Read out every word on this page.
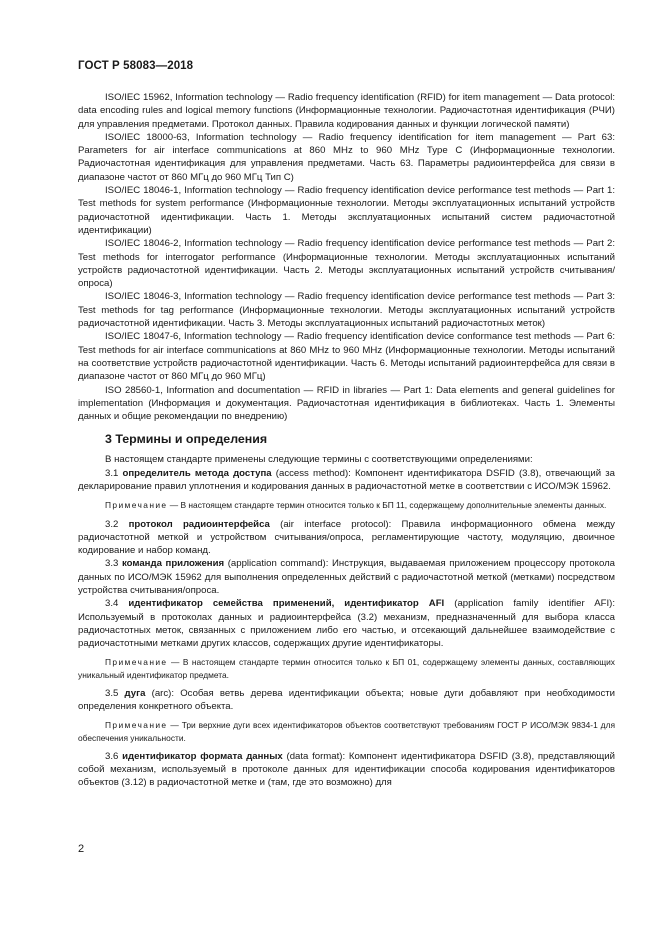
ГОСТ Р 58083—2018

ISO/IEC 15962, Information technology — Radio frequency identification (RFID) for item management — Data protocol: data encoding rules and logical memory functions (Информационные технологии. Радиочастотная идентификация (РЧИ) для управления предметами. Протокол данных. Правила кодирования данных и функции логической памяти)

ISO/IEC 18000-63, Information technology — Radio frequency identification for item management — Part 63: Parameters for air interface communications at 860 MHz to 960 MHz Type C (Информационные технологии. Радиочастотная идентификация для управления предметами. Часть 63. Параметры радиоинтерфейса для связи в диапазоне частот от 860 МГц до 960 МГц Тип C)

ISO/IEC 18046-1, Information technology — Radio frequency identification device performance test methods — Part 1: Test methods for system performance (Информационные технологии. Методы эксплуатационных испытаний устройств радиочастотной идентификации. Часть 1. Методы эксплуатационных испытаний систем радиочастотной идентификации)

ISO/IEC 18046-2, Information technology — Radio frequency identification device performance test methods — Part 2: Test methods for interrogator performance (Информационные технологии. Методы эксплуатационных испытаний устройств радиочастотной идентификации. Часть 2. Методы эксплуатационных испытаний устройств считывания/опроса)

ISO/IEC 18046-3, Information technology — Radio frequency identification device performance test methods — Part 3: Test methods for tag performance (Информационные технологии. Методы эксплуатационных испытаний устройств радиочастотной идентификации. Часть 3. Методы эксплуатационных испытаний радиочастотных меток)

ISO/IEC 18047-6, Information technology — Radio frequency identification device conformance test methods — Part 6: Test methods for air interface communications at 860 MHz to 960 MHz (Информационные технологии. Методы испытаний на соответствие устройств радиочастотной идентификации. Часть 6. Методы испытаний радиоинтерфейса для связи в диапазоне частот от 860 МГц до 960 МГц)

ISO 28560-1, Information and documentation — RFID in libraries — Part 1: Data elements and general guidelines for implementation (Информация и документация. Радиочастотная идентификация в библиотеках. Часть 1. Элементы данных и общие рекомендации по внедрению)

3 Термины и определения

В настоящем стандарте применены следующие термины с соответствующими определениями:

3.1 определитель метода доступа (access method): Компонент идентификатора DSFID (3.8), отвечающий за декларирование правил уплотнения и кодирования данных в радиочастотной метке в соответствии с ИСО/МЭК 15962.

Примечание — В настоящем стандарте термин относится только к БП 11, содержащему дополнительные элементы данных.

3.2 протокол радиоинтерфейса (air interface protocol): Правила информационного обмена между радиочастотной меткой и устройством считывания/опроса, регламентирующие частоту, модуляцию, двоичное кодирование и набор команд.

3.3 команда приложения (application command): Инструкция, выдаваемая приложением процессору протокола данных по ИСО/МЭК 15962 для выполнения определенных действий с радиочастотной меткой (метками) посредством устройства считывания/опроса.

3.4 идентификатор семейства применений, идентификатор AFI (application family identifier AFI): Используемый в протоколах данных и радиоинтерфейса (3.2) механизм, предназначенный для выбора класса радиочастотных меток, связанных с приложением либо его частью, и отсекающий дальнейшее взаимодействие с радиочастотными метками других классов, содержащих другие идентификаторы.

Примечание — В настоящем стандарте термин относится только к БП 01, содержащему элементы данных, составляющих уникальный идентификатор предмета.

3.5 дуга (arc): Особая ветвь дерева идентификации объекта; новые дуги добавляют при необходимости определения конкретного объекта.

Примечание — Три верхние дуги всех идентификаторов объектов соответствуют требованиям ГОСТ Р ИСО/МЭК 9834-1 для обеспечения уникальности.

3.6 идентификатор формата данных (data format): Компонент идентификатора DSFID (3.8), представляющий собой механизм, используемый в протоколе данных для идентификации способа кодирования идентификаторов объектов (3.12) в радиочастотной метке и (там, где это возможно) для

2
